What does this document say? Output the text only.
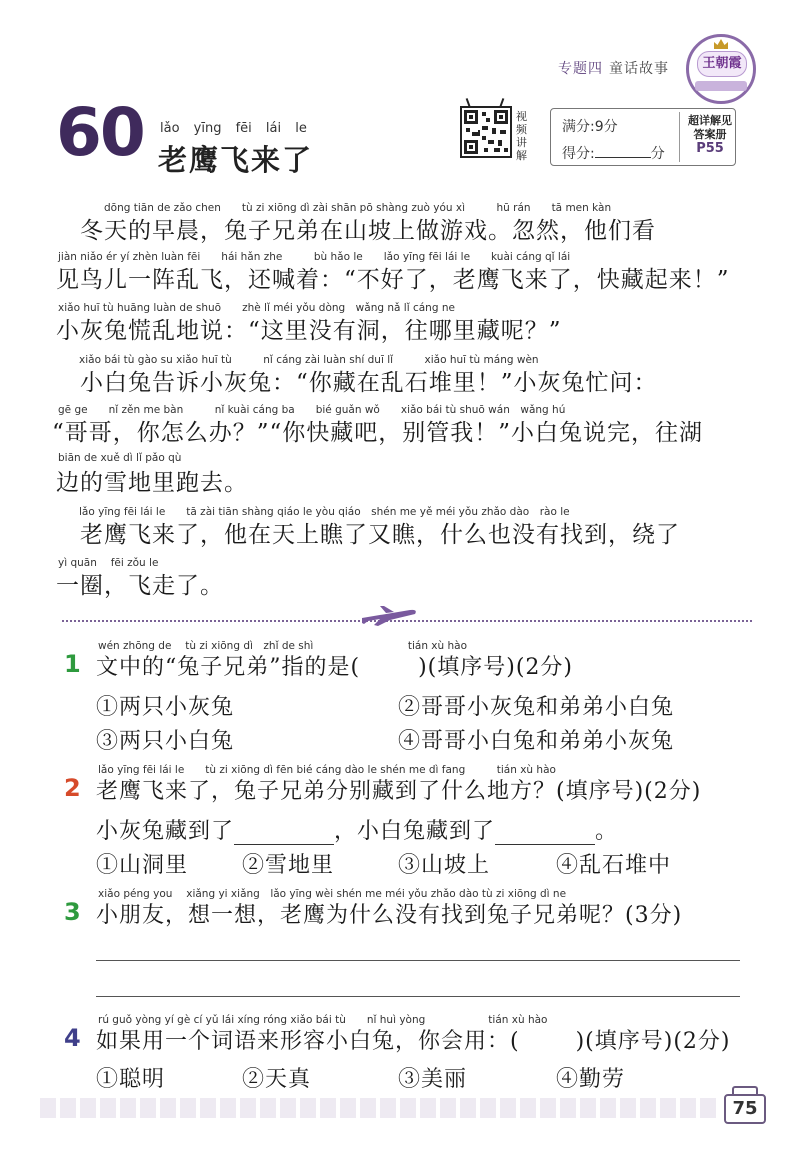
专题四 童话故事	王朝霞
60 lǎo yīng fēi lái le
老鹰飞来了
视频讲解
满分:9分
得分:	分
超详解见
答案册
P55
dōng tiān de zǎo chen　　tù zi xiōng dì zài shān pō shàng zuò yóu xì　　　hū rán　　tā men kàn
　冬天的早晨，兔子兄弟在山坡上做游戏。忽然，他们看
jiàn niǎo ér yí zhèn luàn fēi　　hái hǎn zhe　　　bù hǎo le　　lǎo yīng fēi lái le　　kuài cáng qǐ lái
见鸟儿一阵乱飞，还喊着：“不好了，老鹰飞来了，快藏起来！”
xiǎo huī tù huāng luàn de shuō　　zhè lǐ méi yǒu dòng　wǎng nǎ lǐ cáng ne
小灰兔慌乱地说：“这里没有洞，往哪里藏呢？”
　　xiǎo bái tù gào su xiǎo huī tù　　　nǐ cáng zài luàn shí duī lǐ　　　xiǎo huī tù máng wèn
　小白兔告诉小灰兔：“你藏在乱石堆里！”小灰兔忙问：
gē ge　　nǐ zěn me bàn　　　nǐ kuài cáng ba　　bié guǎn wǒ　　xiǎo bái tù shuō wán　wǎng hú
“哥哥，你怎么办？”“你快藏吧，别管我！”小白兔说完，往湖
biān de xuě dì lǐ pǎo qù
边的雪地里跑去。
　　lǎo yīng fēi lái le　　tā zài tiān shàng qiáo le yòu qiáo　shén me yě méi yǒu zhǎo dào　rào le
　老鹰飞来了，他在天上瞧了又瞧，什么也没有找到，绕了
yì quān　 fēi zǒu le
一圈，飞走了。
wén zhōng de　 tù zi xiōng dì　zhǐ de shì　　　　　　　　　tián xù hào
1 文中的“兔子兄弟”指的是(	)(填序号)(2分)
①两只小灰兔	②哥哥小灰兔和弟弟小白兔
③两只小白兔	④哥哥小白兔和弟弟小灰兔
lǎo yīng fēi lái le　　tù zi xiōng dì fēn bié cáng dào le shén me dì fang　　　tián xù hào
2 老鹰飞来了，兔子兄弟分别藏到了什么地方？(填序号)(2分)
小灰兔藏到了	，小白兔藏到了	。
①山洞里 ②雪地里	③山坡上	④乱石堆中
xiǎo péng you　 xiǎng yi xiǎng　lǎo yīng wèi shén me méi yǒu zhǎo dào tù zi xiōng dì ne
3 小朋友，想一想，老鹰为什么没有找到兔子兄弟呢？(3分)
rú guǒ yòng yí gè cí yǔ lái xíng róng xiǎo bái tù　　nǐ huì yòng　　　　　　tián xù hào
4 如果用一个词语来形容小白兔，你会用：(	)(填序号)(2分)
①聪明	②天真	③美丽	④勤劳
75
